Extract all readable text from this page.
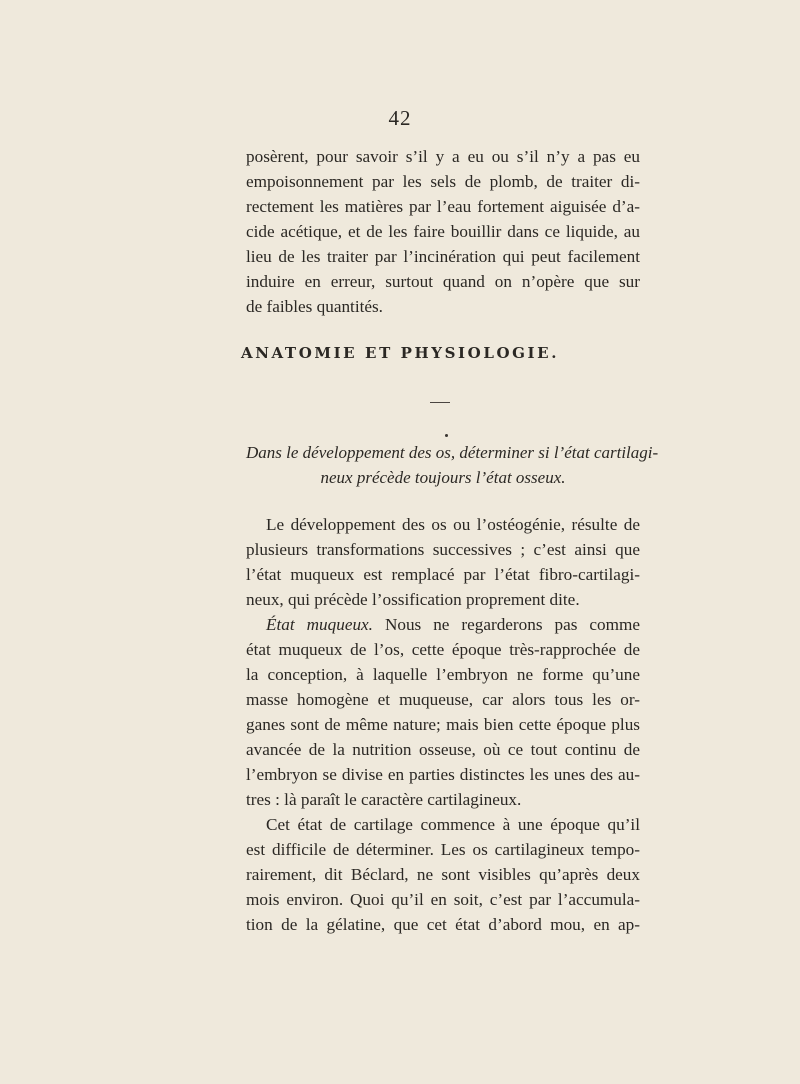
42
posèrent, pour savoir s’il y a eu ou s’il n’y a pas eu
empoisonnement par les sels de plomb, de traiter di-
rectement les matières par l’eau fortement aiguisée d’a-
cide acétique, et de les faire bouillir dans ce liquide, au
lieu de les traiter par l’incinération qui peut facilement
induire en erreur, surtout quand on n’opère que sur
de faibles quantités.
ANATOMIE ET PHYSIOLOGIE.
Dans le développement des os, déterminer si l’état cartilagi-
neux précède toujours l’état osseux.
Le développement des os ou l’ostéogénie, résulte de
plusieurs transformations successives ; c’est ainsi que
l’état muqueux est remplacé par l’état fibro-cartilagi-
neux, qui précède l’ossification proprement dite.
État muqueux. Nous ne regarderons pas comme
état muqueux de l’os, cette époque très-rapprochée de
la conception, à laquelle l’embryon ne forme qu’une
masse homogène et muqueuse, car alors tous les or-
ganes sont de même nature; mais bien cette époque plus
avancée de la nutrition osseuse, où ce tout continu de
l’embryon se divise en parties distinctes les unes des au-
tres : là paraît le caractère cartilagineux.
Cet état de cartilage commence à une époque qu’il
est difficile de déterminer. Les os cartilagineux tempo-
rairement, dit Béclard, ne sont visibles qu’après deux
mois environ. Quoi qu’il en soit, c’est par l’accumula-
tion de la gélatine, que cet état d’abord mou, en ap-
